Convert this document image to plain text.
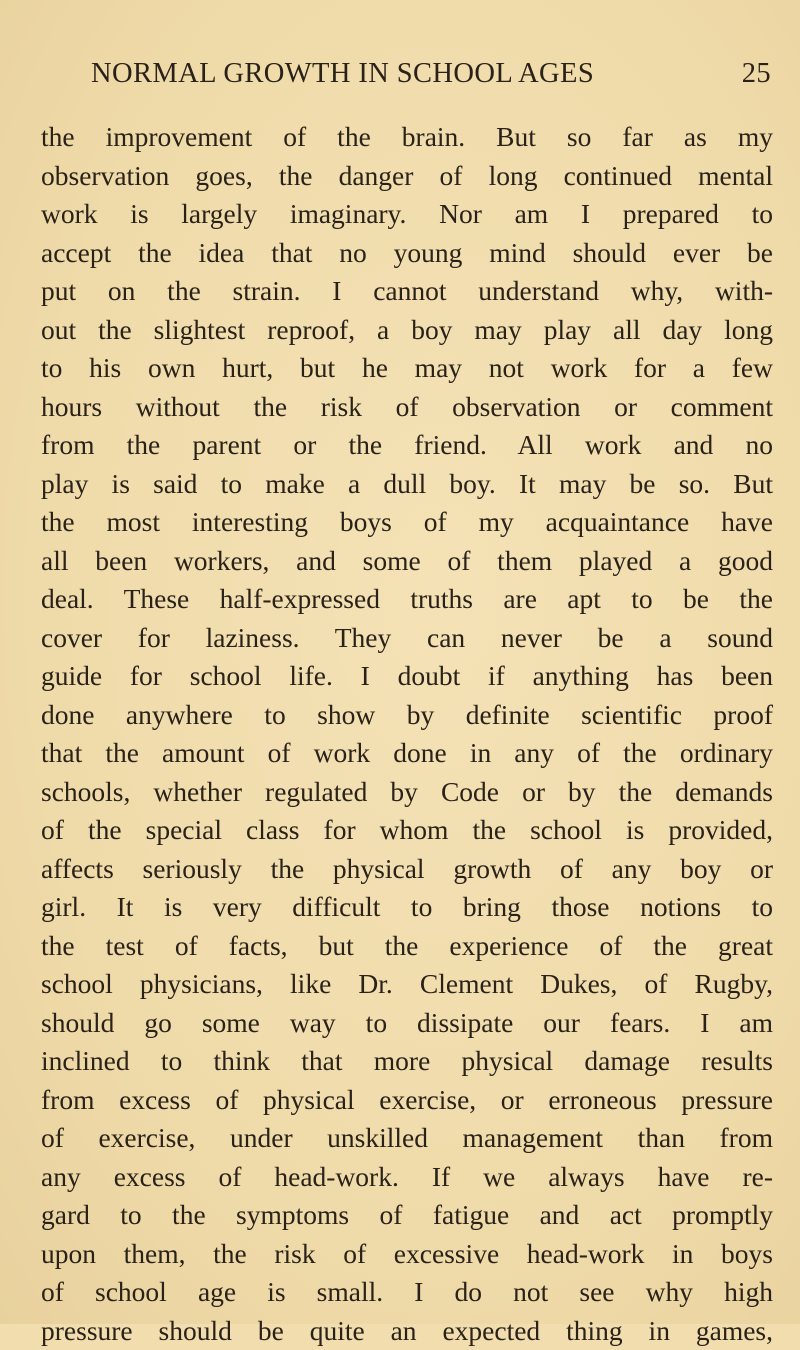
NORMAL GROWTH IN SCHOOL AGES	25
the improvement of the brain. But so far as my
observation goes, the danger of long continued mental
work is largely imaginary. Nor am I prepared to
accept the idea that no young mind should ever be
put on the strain. I cannot understand why, with-
out the slightest reproof, a boy may play all day long
to his own hurt, but he may not work for a few
hours without the risk of observation or comment
from the parent or the friend. All work and no
play is said to make a dull boy. It may be so. But
the most interesting boys of my acquaintance have
all been workers, and some of them played a good
deal. These half-expressed truths are apt to be the
cover for laziness. They can never be a sound
guide for school life. I doubt if anything has been
done anywhere to show by definite scientific proof
that the amount of work done in any of the ordinary
schools, whether regulated by Code or by the demands
of the special class for whom the school is provided,
affects seriously the physical growth of any boy or
girl. It is very difficult to bring those notions to
the test of facts, but the experience of the great
school physicians, like Dr. Clement Dukes, of Rugby,
should go some way to dissipate our fears. I am
inclined to think that more physical damage results
from excess of physical exercise, or erroneous pressure
of exercise, under unskilled management than from
any excess of head-work. If we always have re-
gard to the symptoms of fatigue and act promptly
upon them, the risk of excessive head-work in boys
of school age is small. I do not see why high
pressure should be quite an expected thing in games,
